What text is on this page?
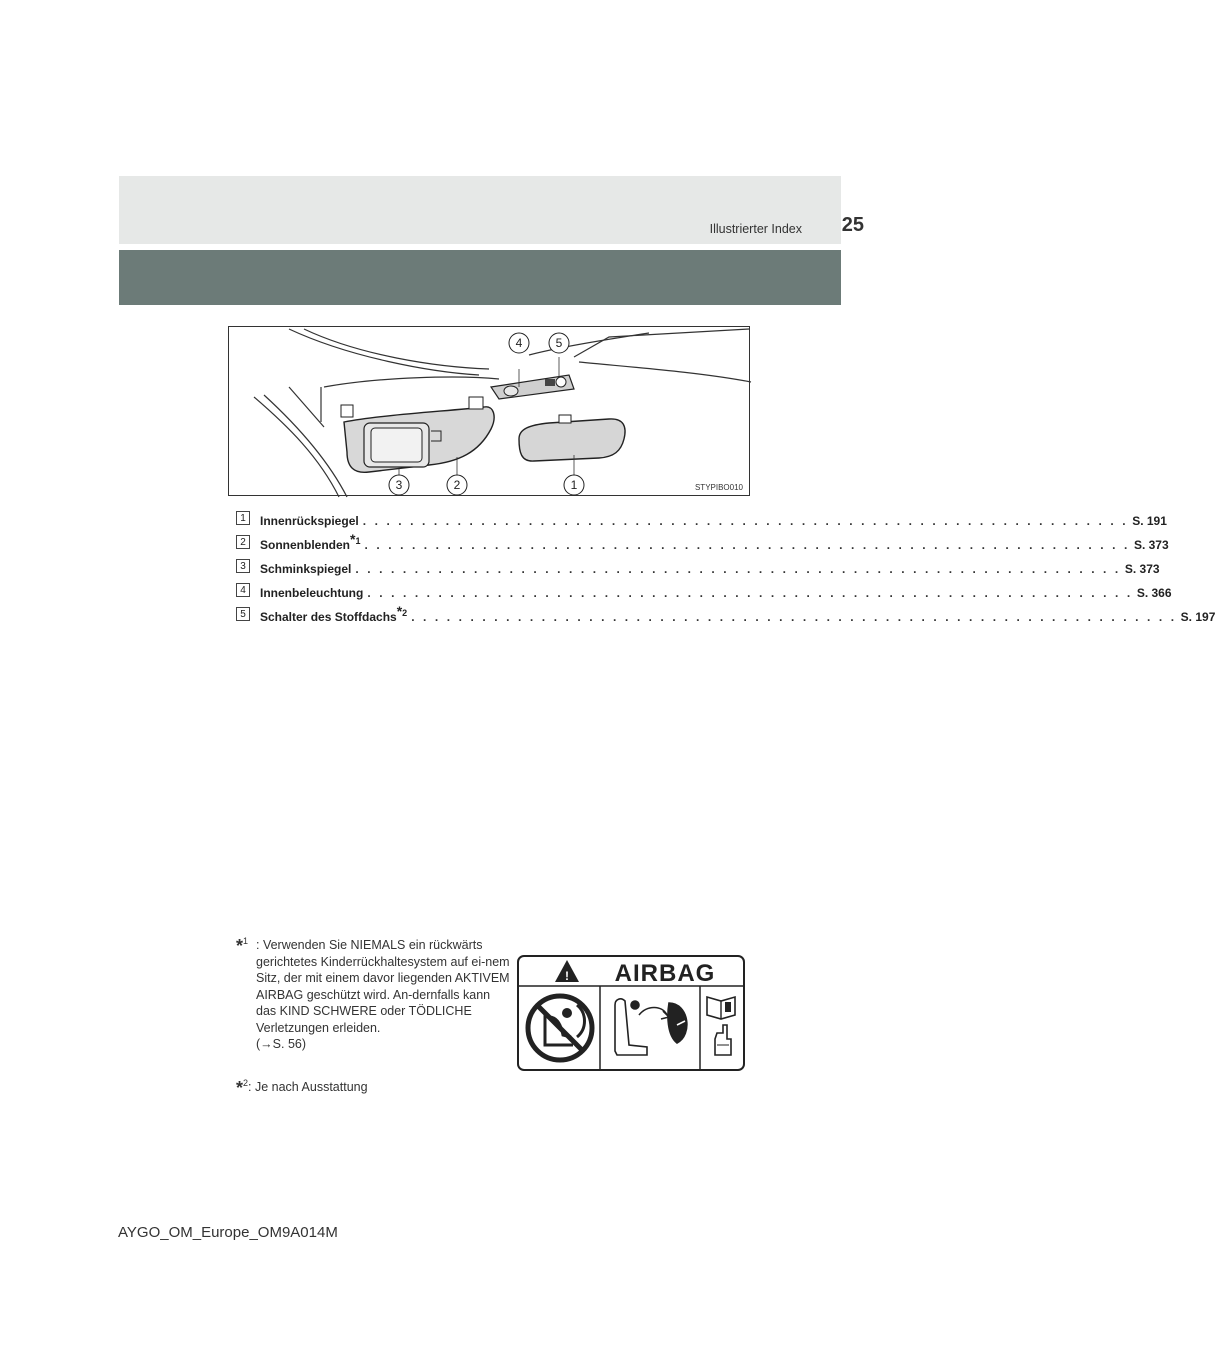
Illustrierter Index 25
4	5
3	2	1	STYPIBO010
1	Innenrückspiegel . . . . . . . . . . . . . . . . . . . . . . . . . . . . . . . . . . . . . . . . . . . . . . . . . . . . . . . . . . . . . . . . . S. 191
2	Sonnenblenden$^{*1}$ . . . . . . . . . . . . . . . . . . . . . . . . . . . . . . . . . . . . . . . . . . . . . . . . . . . . . . . . . . . . . . . . . S. 373
3	Schminkspiegel . . . . . . . . . . . . . . . . . . . . . . . . . . . . . . . . . . . . . . . . . . . . . . . . . . . . . . . . . . . . . . . . . S. 373
4	Innenbeleuchtung . . . . . . . . . . . . . . . . . . . . . . . . . . . . . . . . . . . . . . . . . . . . . . . . . . . . . . . . . . . . . . . . . S. 366
5	Schalter des Stoffdachs$^{*2}$ . . . . . . . . . . . . . . . . . . . . . . . . . . . . . . . . . . . . . . . . . . . . . . . . . . . . . . . . . . . . . . . . . S. 197
*$^1$ : Verwenden Sie NIEMALS ein rückwärts gerichtetes Kinderrückhaltesystem auf ei-nem Sitz, der mit einem davor liegenden AKTIVEM AIRBAG geschützt wird. An-dernfalls kann das KIND SCHWERE oder TÖDLICHE Verletzungen erleiden.
(→S. 56)
*$^2$: Je nach Ausstattung
! AIRBAG
AYGO_OM_Europe_OM9A014M
